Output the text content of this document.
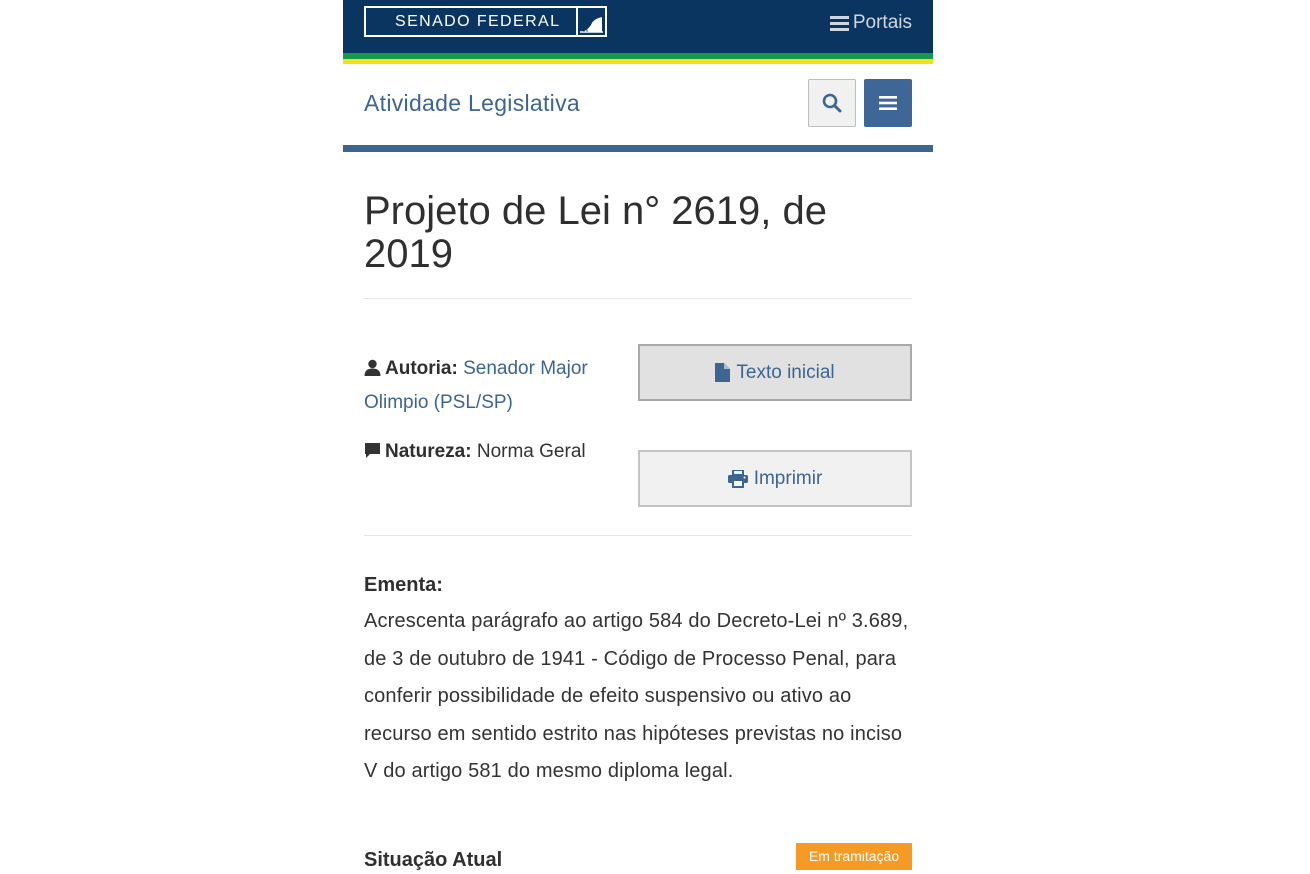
SENADO FEDERAL	Portais
Atividade Legislativa
Projeto de Lei n° 2619, de 2019
Autoria: Senador Major Olimpio (PSL/SP)
Natureza: Norma Geral
Texto inicial
Imprimir
Ementa:
Acrescenta parágrafo ao artigo 584 do Decreto-Lei nº 3.689, de 3 de outubro de 1941 - Código de Processo Penal, para conferir possibilidade de efeito suspensivo ou ativo ao recurso em sentido estrito nas hipóteses previstas no inciso V do artigo 581 do mesmo diploma legal.
Situação Atual	Em tramitação
